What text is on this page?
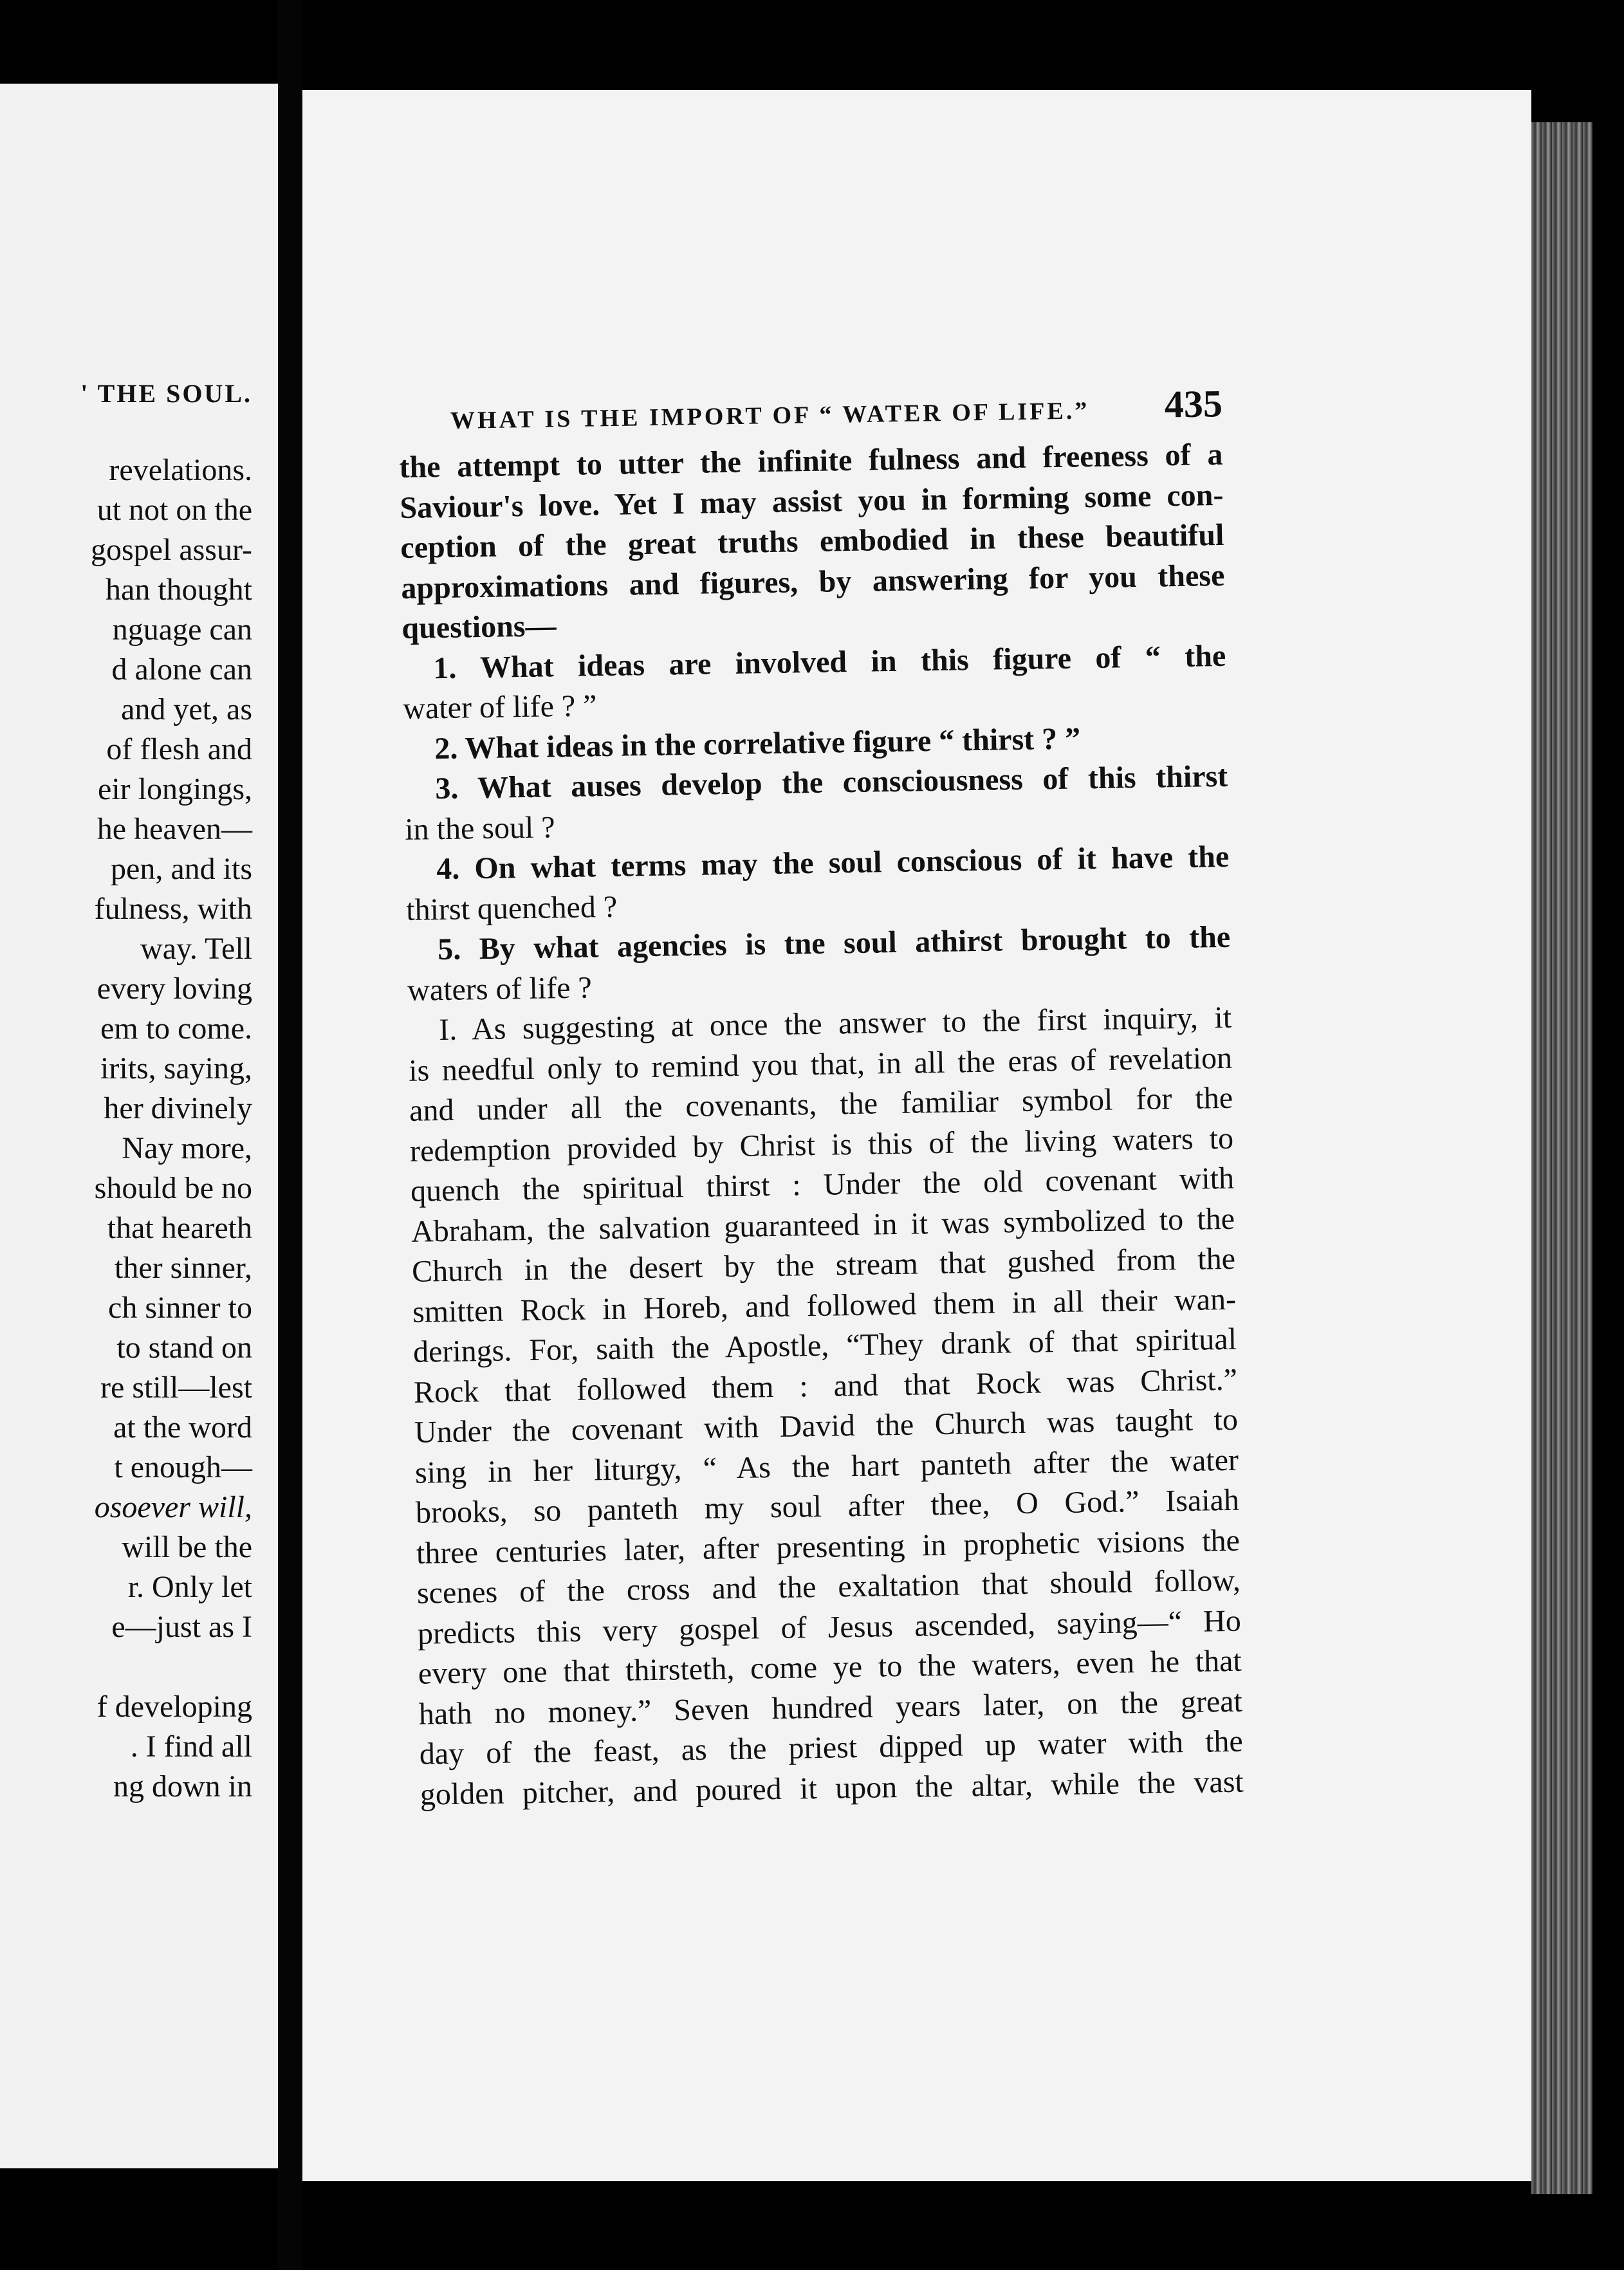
' THE SOUL.
revelations.
ut not on the
gospel assur-
han thought
nguage can
d alone can
and yet, as
of flesh and
eir longings,
he heaven—
pen, and its
fulness, with
way. Tell
every loving
em to come.
irits, saying,
her divinely
Nay more,
should be no
that heareth
ther sinner,
ch sinner to
to stand on
re still—lest
at the word
t enough—
osoever will,
will be the
r. Only let
e—just as I

f developing
. I find all
ng down in
WHAT IS THE IMPORT OF “ WATER OF LIFE.” 435
the attempt to utter the infinite fulness and freeness of a
Saviour's love. Yet I may assist you in forming some con-
ception of the great truths embodied in these beautiful
approximations and figures, by answering for you these
questions—
1. What ideas are involved in this figure of “ the
water of life ? ”
2. What ideas in the correlative figure “ thirst ? ”
3. What auses develop the consciousness of this thirst
in the soul ?
4. On what terms may the soul conscious of it have the
thirst quenched ?
5. By what agencies is tne soul athirst brought to the
waters of life ?
I. As suggesting at once the answer to the first inquiry, it
is needful only to remind you that, in all the eras of revelation
and under all the covenants, the familiar symbol for the
redemption provided by Christ is this of the living waters to
quench the spiritual thirst : Under the old covenant with
Abraham, the salvation guaranteed in it was symbolized to the
Church in the desert by the stream that gushed from the
smitten Rock in Horeb, and followed them in all their wan-
derings. For, saith the Apostle, “They drank of that spiritual
Rock that followed them : and that Rock was Christ.”
Under the covenant with David the Church was taught to
sing in her liturgy, “ As the hart panteth after the water
brooks, so panteth my soul after thee, O God.” Isaiah
three centuries later, after presenting in prophetic visions the
scenes of the cross and the exaltation that should follow,
predicts this very gospel of Jesus ascended, saying—“ Ho
every one that thirsteth, come ye to the waters, even he that
hath no money.” Seven hundred years later, on the great
day of the feast, as the priest dipped up water with the
golden pitcher, and poured it upon the altar, while the vast
